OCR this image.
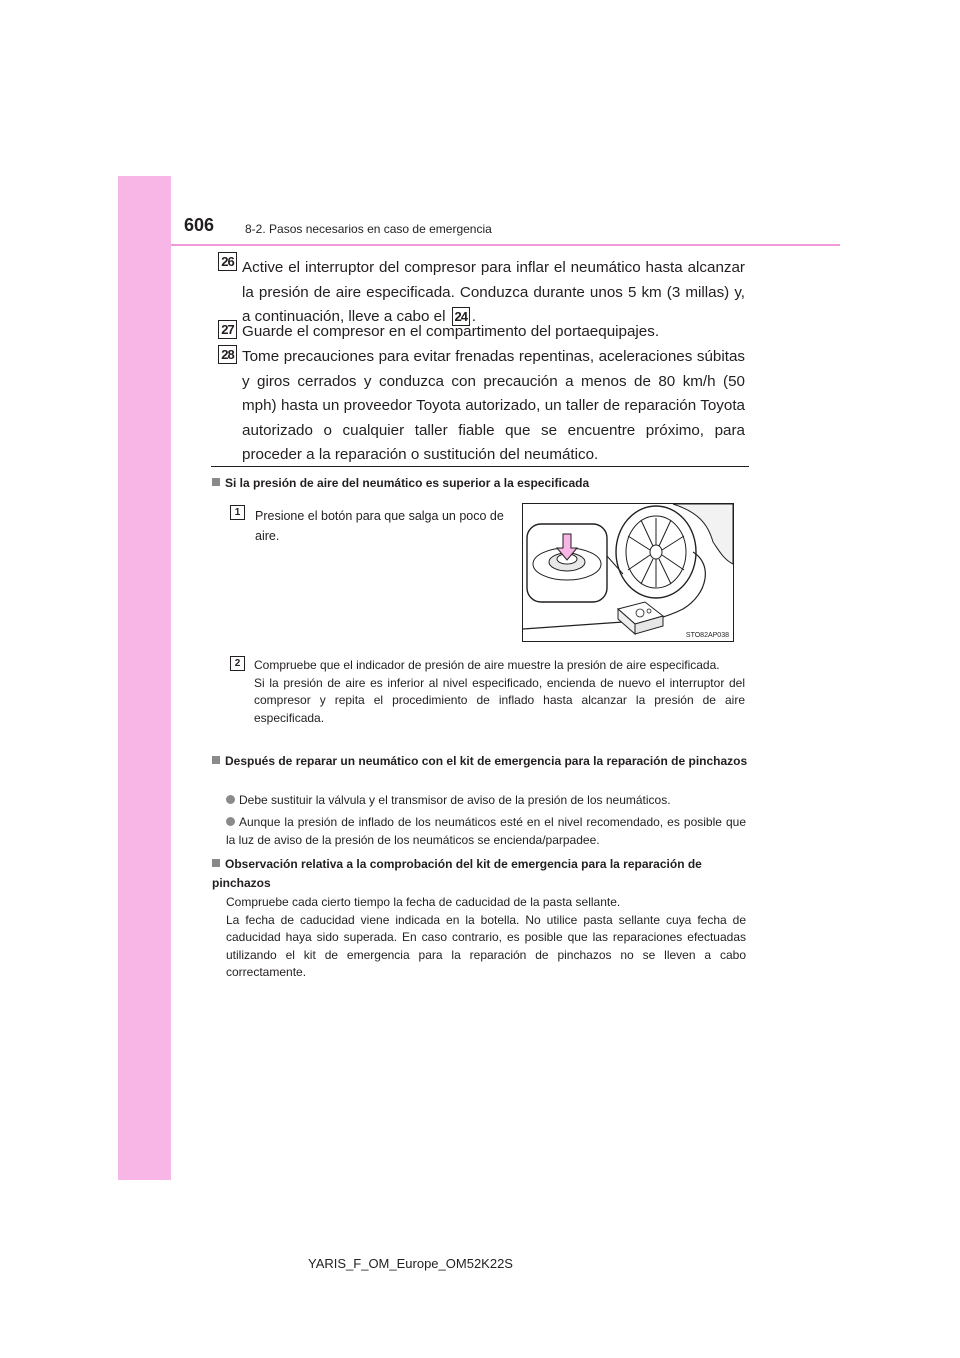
606	8-2. Pasos necesarios en caso de emergencia
26 Active el interruptor del compresor para inflar el neumático hasta alcanzar la presión de aire especificada. Conduzca durante unos 5 km (3 millas) y, a continuación, lleve a cabo el 24 .
27 Guarde el compresor en el compartimento del portaequipajes.
28 Tome precauciones para evitar frenadas repentinas, aceleraciones súbitas y giros cerrados y conduzca con precaución a menos de 80 km/h (50 mph) hasta un proveedor Toyota autorizado, un taller de reparación Toyota autorizado o cualquier taller fiable que se encuentre próximo, para proceder a la reparación o sustitución del neumático.
Si la presión de aire del neumático es superior a la especificada
1	Presione el botón para que salga un poco de aire.
STO82AP038
2	Compruebe que el indicador de presión de aire muestre la presión de aire especificada.
Si la presión de aire es inferior al nivel especificado, encienda de nuevo el interruptor del compresor y repita el procedimiento de inflado hasta alcanzar la presión de aire especificada.
Después de reparar un neumático con el kit de emergencia para la reparación de pinchazos
Debe sustituir la válvula y el transmisor de aviso de la presión de los neumáticos.
Aunque la presión de inflado de los neumáticos esté en el nivel recomendado, es posible que la luz de aviso de la presión de los neumáticos se encienda/parpadee.
Observación relativa a la comprobación del kit de emergencia para la reparación de pinchazos
Compruebe cada cierto tiempo la fecha de caducidad de la pasta sellante.
La fecha de caducidad viene indicada en la botella. No utilice pasta sellante cuya fecha de caducidad haya sido superada. En caso contrario, es posible que las reparaciones efectuadas utilizando el kit de emergencia para la reparación de pinchazos no se lleven a cabo correctamente.
YARIS_F_OM_Europe_OM52K22S
